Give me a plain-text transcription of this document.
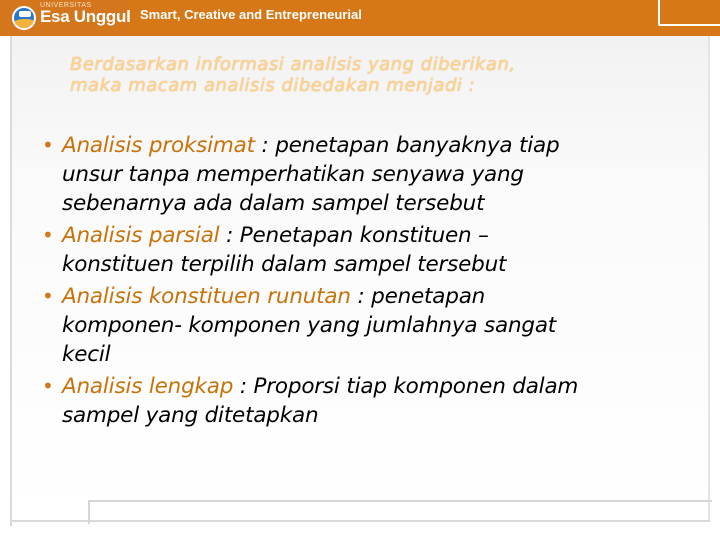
UNIVERSITAS
Esa Unggul Smart, Creative and Entrepreneurial
Berdasarkan informasi analisis yang diberikan,
maka macam analisis dibedakan menjadi :
• Analisis proksimat : penetapan banyaknya tiap
unsur tanpa memperhatikan senyawa yang
sebenarnya ada dalam sampel tersebut
• Analisis parsial : Penetapan konstituen –
konstituen terpilih dalam sampel tersebut
• Analisis konstituen runutan : penetapan
komponen- komponen yang jumlahnya sangat
kecil
• Analisis lengkap : Proporsi tiap komponen dalam
sampel yang ditetapkan
